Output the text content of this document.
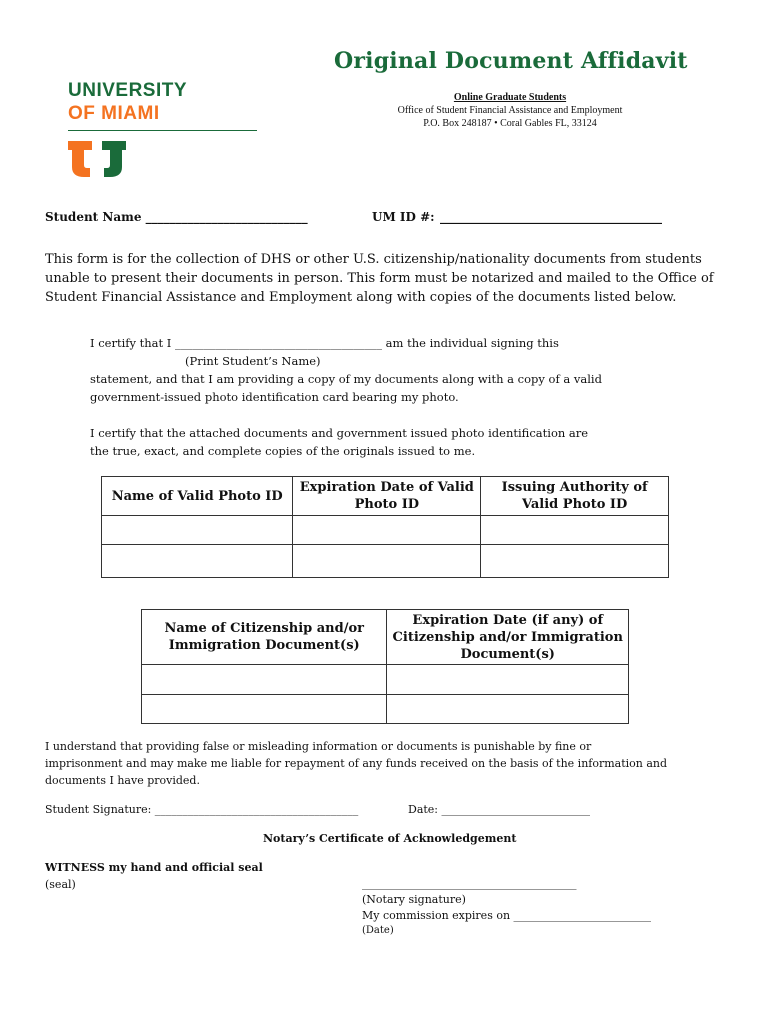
Original Document Affidavit
UNIVERSITY
OF MIAMI
Online Graduate Students
Office of Student Financial Assistance and Employment
P.O. Box 248187 • Coral Gables FL, 33124
Student Name ___________________________	UM ID #: _____________________________________
This form is for the collection of DHS or other U.S. citizenship/nationality documents from students unable to present their documents in person. This form must be notarized and mailed to the Office of Student Financial Assistance and Employment along with copies of the documents listed below.
I certify that I ____________________________________ am the individual signing this
(Print Student’s Name)
statement, and that I am providing a copy of my documents along with a copy of a valid
government-issued photo identification card bearing my photo.
I certify that the attached documents and government issued photo identification are
the true, exact, and complete copies of the originals issued to me.
Name of Valid Photo ID	Expiration Date of Valid Photo ID	Issuing Authority of Valid Photo ID

Name of Citizenship and/or Immigration Document(s)	Expiration Date (if any) of Citizenship and/or Immigration Document(s)

I understand that providing false or misleading information or documents is punishable by fine or
imprisonment and may make me liable for repayment of any funds received on the basis of the information and
documents I have provided.
Student Signature: _____________________________________	Date: ___________________________
Notary’s Certificate of Acknowledgement
WITNESS my hand and official seal
(seal)	_______________________________________
(Notary signature)
My commission expires on _________________________
(Date)
